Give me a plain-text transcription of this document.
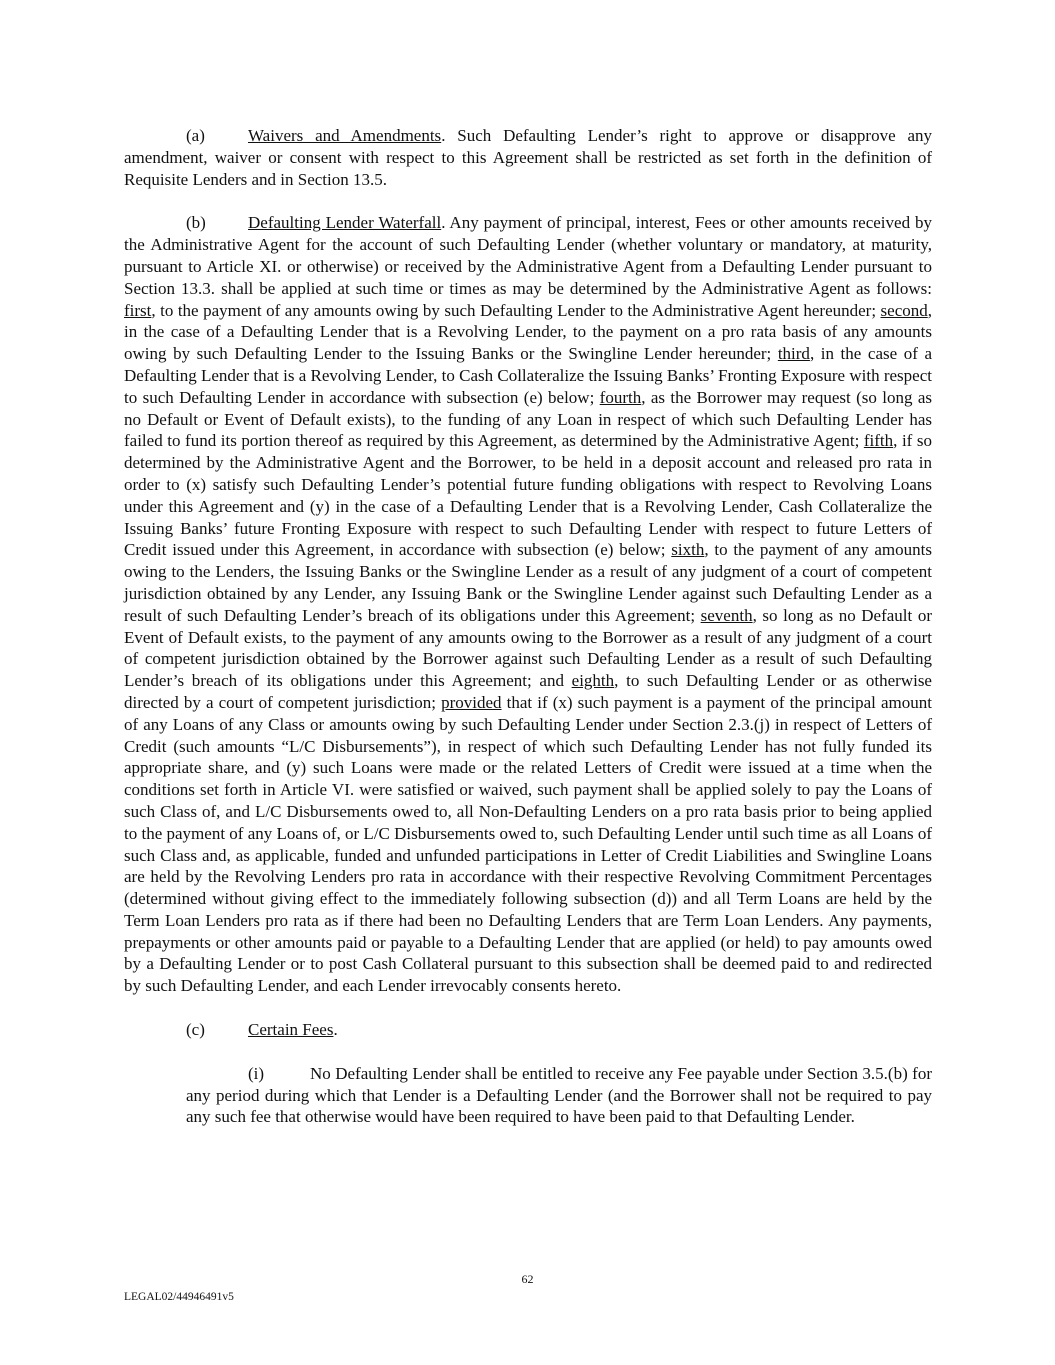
(a)	Waivers and Amendments. Such Defaulting Lender’s right to approve or disapprove any amendment, waiver or consent with respect to this Agreement shall be restricted as set forth in the definition of Requisite Lenders and in Section 13.5.

(b) Defaulting Lender Waterfall. Any payment of principal, interest, Fees or other amounts received by the Administrative Agent for the account of such Defaulting Lender (whether voluntary or mandatory, at maturity, pursuant to Article XI. or otherwise) or received by the Administrative Agent from a Defaulting Lender pursuant to Section 13.3. shall be applied at such time or times as may be determined by the Administrative Agent as follows: first, to the payment of any amounts owing by such Defaulting Lender to the Administrative Agent hereunder; second, in the case of a Defaulting Lender that is a Revolving Lender, to the payment on a pro rata basis of any amounts owing by such Defaulting Lender to the Issuing Banks or the Swingline Lender hereunder; third, in the case of a Defaulting Lender that is a Revolving Lender, to Cash Collateralize the Issuing Banks’ Fronting Exposure with respect to such Defaulting Lender in accordance with subsection (e) below; fourth, as the Borrower may request (so long as no Default or Event of Default exists), to the funding of any Loan in respect of which such Defaulting Lender has failed to fund its portion thereof as required by this Agreement, as determined by the Administrative Agent; fifth, if so determined by the Administrative Agent and the Borrower, to be held in a deposit account and released pro rata in order to (x) satisfy such Defaulting Lender’s potential future funding obligations with respect to Revolving Loans under this Agreement and (y) in the case of a Defaulting Lender that is a Revolving Lender, Cash Collateralize the Issuing Banks’ future Fronting Exposure with respect to such Defaulting Lender with respect to future Letters of Credit issued under this Agreement, in accordance with subsection (e) below; sixth, to the payment of any amounts owing to the Lenders, the Issuing Banks or the Swingline Lender as a result of any judgment of a court of competent jurisdiction obtained by any Lender, any Issuing Bank or the Swingline Lender against such Defaulting Lender as a result of such Defaulting Lender’s breach of its obligations under this Agreement; seventh, so long as no Default or Event of Default exists, to the payment of any amounts owing to the Borrower as a result of any judgment of a court of competent jurisdiction obtained by the Borrower against such Defaulting Lender as a result of such Defaulting Lender’s breach of its obligations under this Agreement; and eighth, to such Defaulting Lender or as otherwise directed by a court of competent jurisdiction; provided that if (x) such payment is a payment of the principal amount of any Loans of any Class or amounts owing by such Defaulting Lender under Section 2.3.(j) in respect of Letters of Credit (such amounts “L/C Disbursements”), in respect of which such Defaulting Lender has not fully funded its appropriate share, and (y) such Loans were made or the related Letters of Credit were issued at a time when the conditions set forth in Article VI. were satisfied or waived, such payment shall be applied solely to pay the Loans of such Class of, and L/C Disbursements owed to, all Non-Defaulting Lenders on a pro rata basis prior to being applied to the payment of any Loans of, or L/C Disbursements owed to, such Defaulting Lender until such time as all Loans of such Class and, as applicable, funded and unfunded participations in Letter of Credit Liabilities and Swingline Loans are held by the Revolving Lenders pro rata in accordance with their respective Revolving Commitment Percentages (determined without giving effect to the immediately following subsection (d)) and all Term Loans are held by the Term Loan Lenders pro rata as if there had been no Defaulting Lenders that are Term Loan Lenders. Any payments, prepayments or other amounts paid or payable to a Defaulting Lender that are applied (or held) to pay amounts owed by a Defaulting Lender or to post Cash Collateral pursuant to this subsection shall be deemed paid to and redirected by such Defaulting Lender, and each Lender irrevocably consents hereto.

(c)	Certain Fees.

(i)	No Defaulting Lender shall be entitled to receive any Fee payable under Section 3.5.(b) for any period during which that Lender is a Defaulting Lender (and the Borrower shall not be required to pay any such fee that otherwise would have been required to have been paid to that Defaulting Lender.

62
LEGAL02/44946491v5
